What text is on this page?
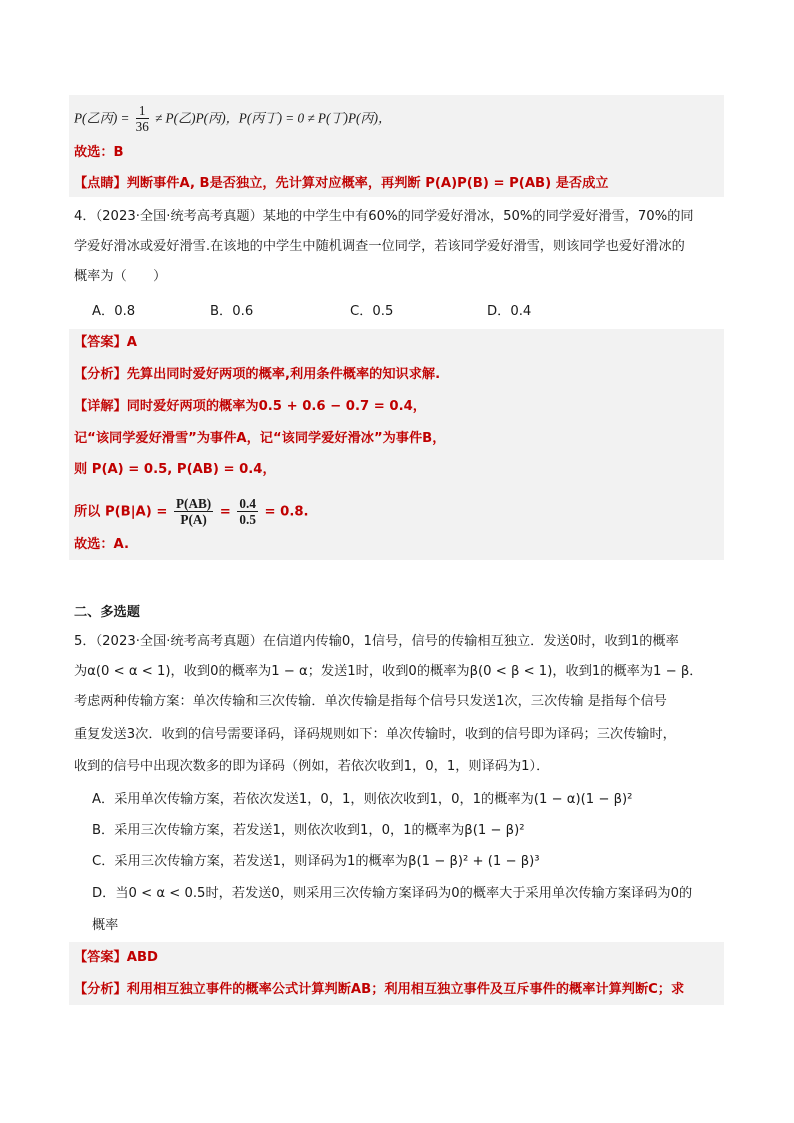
P(乙丙) = $\frac{1}{36} \ne P$(乙)P(丙)，P(丙丁) = 0 ≠ P(丁)P(丙)，
故选：B
【点睛】判断事件A, B是否独立，先计算对应概率，再判断 P(A)P(B) = P(AB) 是否成立
4．（2023·全国·统考高考真题）某地的中学生中有60%的同学爱好滑冰，50%的同学爱好滑雪，70%的同
学爱好滑冰或爱好滑雪.在该地的中学生中随机调查一位同学，若该同学爱好滑雪，则该同学也爱好滑冰的
概率为（　　）
A．0.8	B．0.6	C．0.5	D．0.4
【答案】A
【分析】先算出同时爱好两项的概率,利用条件概率的知识求解.
【详解】同时爱好两项的概率为0.5 + 0.6 − 0.7 = 0.4，
记“该同学爱好滑雪”为事件A，记“该同学爱好滑冰”为事件B，
则 P(A) = 0.5, P(AB) = 0.4，
所以 $P(B|A) = \frac{P(AB)}{P(A)} = \frac{0.4}{0.5} = 0.8$.
故选：A.
二、多选题
5．（2023·全国·统考高考真题）在信道内传输0，1信号，信号的传输相互独立．发送0时，收到1的概率
为α(0 < α < 1)，收到0的概率为1 − α；发送1时，收到0的概率为β(0 < β < 1)，收到1的概率为1 − β．
考虑两种传输方案：单次传输和三次传输．单次传输是指每个信号只发送1次，三次传输 是指每个信号
重复发送3次．收到的信号需要译码，译码规则如下：单次传输时，收到的信号即为译码；三次传输时，
收到的信号中出现次数多的即为译码（例如，若依次收到1，0，1，则译码为1）．
A．采用单次传输方案，若依次发送1，0，1，则依次收到1，0，1的概率为(1 − α)(1 − β)²
B．采用三次传输方案，若发送1，则依次收到1，0，1的概率为β(1 − β)²
C．采用三次传输方案，若发送1，则译码为1的概率为β(1 − β)² + (1 − β)³
D．当0 < α < 0.5时，若发送0，则采用三次传输方案译码为0的概率大于采用单次传输方案译码为0的
概率
【答案】ABD
【分析】利用相互独立事件的概率公式计算判断AB；利用相互独立事件及互斥事件的概率计算判断C；求
